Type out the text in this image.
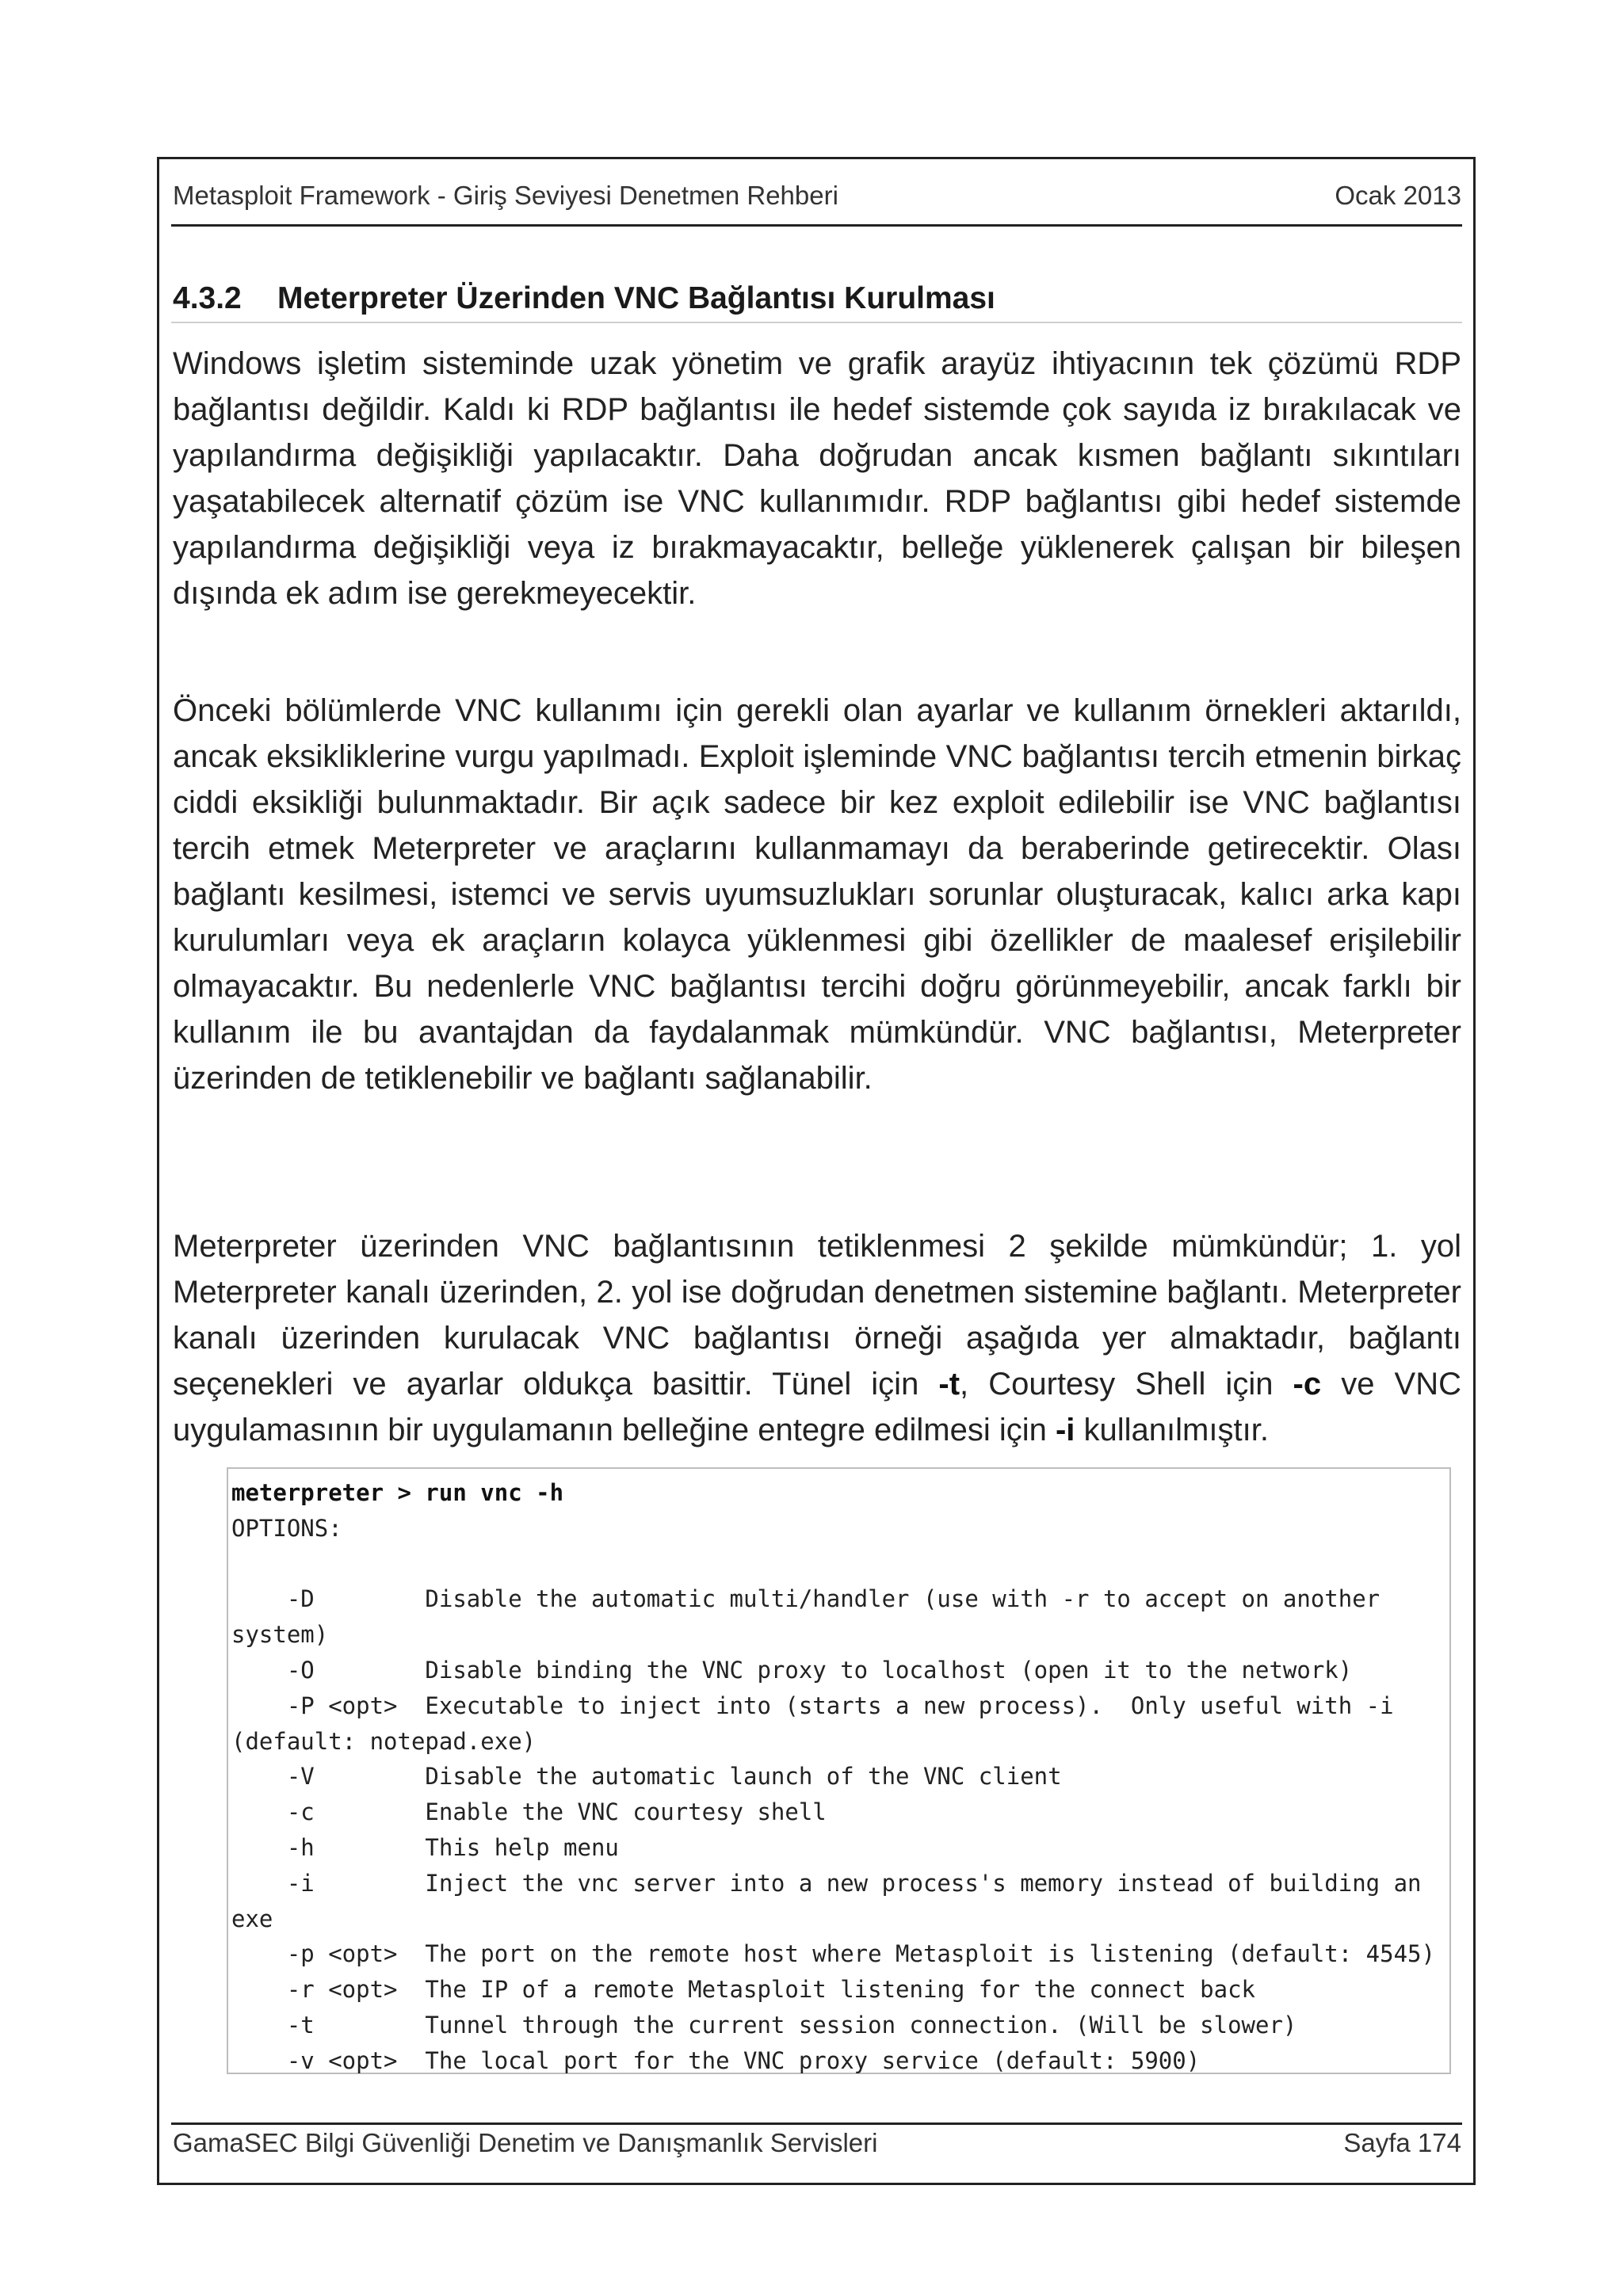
Metasploit Framework - Giriş Seviyesi Denetmen Rehberi	Ocak 2013
4.3.2	Meterpreter Üzerinden VNC Bağlantısı Kurulması

Windows işletim sisteminde uzak yönetim ve grafik arayüz ihtiyacının tek çözümü RDP bağlantısı değildir. Kaldı ki RDP bağlantısı ile hedef sistemde çok sayıda iz bırakılacak ve yapılandırma değişikliği yapılacaktır. Daha doğrudan ancak kısmen bağlantı sıkıntıları yaşatabilecek alternatif çözüm ise VNC kullanımıdır. RDP bağlantısı gibi hedef sistemde yapılandırma değişikliği veya iz bırakmayacaktır, belleğe yüklenerek çalışan bir bileşen dışında ek adım ise gerekmeyecektir.

Önceki bölümlerde VNC kullanımı için gerekli olan ayarlar ve kullanım örnekleri aktarıldı, ancak eksikliklerine vurgu yapılmadı. Exploit işleminde VNC bağlantısı tercih etmenin birkaç ciddi eksikliği bulunmaktadır. Bir açık sadece bir kez exploit edilebilir ise VNC bağlantısı tercih etmek Meterpreter ve araçlarını kullanmamayı da beraberinde getirecektir. Olası bağlantı kesilmesi, istemci ve servis uyumsuzlukları sorunlar oluşturacak, kalıcı arka kapı kurulumları veya ek araçların kolayca yüklenmesi gibi özellikler de maalesef erişilebilir olmayacaktır. Bu nedenlerle VNC bağlantısı tercihi doğru görünmeyebilir, ancak farklı bir kullanım ile bu avantajdan da faydalanmak mümkündür. VNC bağlantısı, Meterpreter üzerinden de tetiklenebilir ve bağlantı sağlanabilir.

Meterpreter üzerinden VNC bağlantısının tetiklenmesi 2 şekilde mümkündür; 1. yol Meterpreter kanalı üzerinden, 2. yol ise doğrudan denetmen sistemine bağlantı. Meterpreter kanalı üzerinden kurulacak VNC bağlantısı örneği aşağıda yer almaktadır, bağlantı seçenekleri ve ayarlar oldukça basittir. Tünel için -t, Courtesy Shell için -c ve VNC uygulamasının bir uygulamanın belleğine entegre edilmesi için -i kullanılmıştır.

meterpreter > run vnc -h
OPTIONS:
-D        Disable the automatic multi/handler (use with -r to accept on another
system)
-O        Disable binding the VNC proxy to localhost (open it to the network)
-P <opt>  Executable to inject into (starts a new process).  Only useful with -i
(default: notepad.exe)
-V        Disable the automatic launch of the VNC client
-c        Enable the VNC courtesy shell
-h        This help menu
-i        Inject the vnc server into a new process's memory instead of building an
exe
-p <opt>  The port on the remote host where Metasploit is listening (default: 4545)
-r <opt>  The IP of a remote Metasploit listening for the connect back
-t        Tunnel through the current session connection. (Will be slower)
-v <opt>  The local port for the VNC proxy service (default: 5900)
GamaSEC Bilgi Güvenliği Denetim ve Danışmanlık Servisleri	Sayfa 174
